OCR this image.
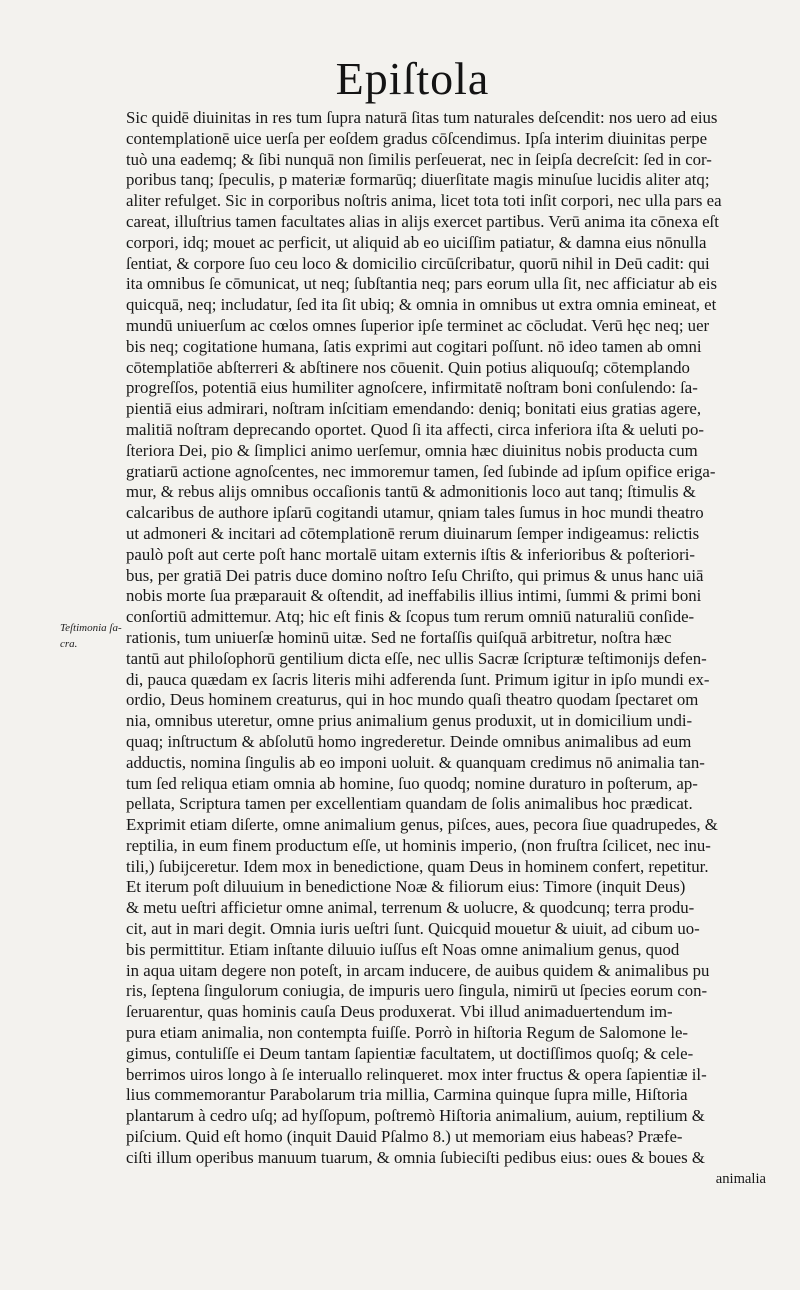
Epiſtola
Teſtimonia ſa-
cra.
Sic quidē diuinitas in res tum ſupra naturā ſitas tum naturales deſcendit: nos uero ad eius
contemplationē uice uerſa per eoſdem gradus cōſcendimus. Ipſa interim diuinitas perpe
tuò una eademq; & ſibi nunquā non ſimilis perſeuerat, nec in ſeipſa decreſcit: ſed in cor-
poribus tanq; ſpeculis, p materiæ formarūq; diuerſitate magis minuſue lucidis aliter atq;
aliter refulget. Sic in corporibus noſtris anima, licet tota toti inſit corpori, nec ulla pars ea
careat, illuſtrius tamen facultates alias in alijs exercet partibus. Verū anima ita cōnexa eſt
corpori, idq; mouet ac perficit, ut aliquid ab eo uiciſſim patiatur, & damna eius nōnulla
ſentiat, & corpore ſuo ceu loco & domicilio circūſcribatur, quorū nihil in Deū cadit: qui
ita omnibus ſe cōmunicat, ut neq; ſubſtantia neq; pars eorum ulla ſit, nec afficiatur ab eis
quicquā, neq; includatur, ſed ita ſit ubiq; & omnia in omnibus ut extra omnia emineat, et
mundū uniuerſum ac cœlos omnes ſuperior ipſe terminet ac cōcludat. Verū hęc neq; uer
bis neq; cogitatione humana, ſatis exprimi aut cogitari poſſunt. nō ideo tamen ab omni
cōtemplatiōe abſterreri & abſtinere nos cōuenit. Quin potius aliquouſq; cōtemplando
progreſſos, potentiā eius humiliter agnoſcere, infirmitatē noſtram boni conſulendo: ſa-
pientiā eius admirari, noſtram inſcitiam emendando: deniq; bonitati eius gratias agere,
malitiā noſtram deprecando oportet. Quod ſi ita affecti, circa inferiora iſta & ueluti po-
ſteriora Dei, pio & ſimplici animo uerſemur, omnia hæc diuinitus nobis producta cum
gratiarū actione agnoſcentes, nec immoremur tamen, ſed ſubinde ad ipſum opifice eriga-
mur, & rebus alijs omnibus occaſionis tantū & admonitionis loco aut tanq; ſtimulis &
calcaribus de authore ipſarū cogitandi utamur, qniam tales ſumus in hoc mundi theatro
ut admoneri & incitari ad cōtemplationē rerum diuinarum ſemper indigeamus: relictis
paulò poſt aut certe poſt hanc mortalē uitam externis iſtis & inferioribus & poſteriori-
bus, per gratiā Dei patris duce domino noſtro Ieſu Chriſto, qui primus & unus hanc uiā
nobis morte ſua præparauit & oſtendit, ad ineffabilis illius intimi, ſummi & primi boni
conſortiū admittemur. Atq; hic eſt finis & ſcopus tum rerum omniū naturaliū conſide-
rationis, tum uniuerſæ hominū uitæ. Sed ne fortaſſis quiſquā arbitretur, noſtra hæc
tantū aut philoſophorū gentilium dicta eſſe, nec ullis Sacræ ſcripturæ teſtimonijs defen-
di, pauca quædam ex ſacris literis mihi adferenda ſunt. Primum igitur in ipſo mundi ex-
ordio, Deus hominem creaturus, qui in hoc mundo quaſi theatro quodam ſpectaret om
nia, omnibus uteretur, omne prius animalium genus produxit, ut in domicilium undi-
quaq; inſtructum & abſolutū homo ingrederetur. Deinde omnibus animalibus ad eum
adductis, nomina ſingulis ab eo imponi uoluit. & quanquam credimus nō animalia tan-
tum ſed reliqua etiam omnia ab homine, ſuo quodq; nomine duraturo in poſterum, ap-
pellata, Scriptura tamen per excellentiam quandam de ſolis animalibus hoc prædicat.
Exprimit etiam diſerte, omne animalium genus, piſces, aues, pecora ſiue quadrupedes, &
reptilia, in eum finem productum eſſe, ut hominis imperio, (non fruſtra ſcilicet, nec inu-
tili,) ſubijceretur. Idem mox in benedictione, quam Deus in hominem confert, repetitur.
Et iterum poſt diluuium in benedictione Noæ & filiorum eius: Timore (inquit Deus)
& metu ueſtri afficietur omne animal, terrenum & uolucre, & quodcunq; terra produ-
cit, aut in mari degit. Omnia iuris ueſtri ſunt. Quicquid mouetur & uiuit, ad cibum uo-
bis permittitur. Etiam inſtante diluuio iuſſus eſt Noas omne animalium genus, quod
in aqua uitam degere non poteſt, in arcam inducere, de auibus quidem & animalibus pu
ris, ſeptena ſingulorum coniugia, de impuris uero ſingula, nimirū ut ſpecies eorum con-
ſeruarentur, quas hominis cauſa Deus produxerat. Vbi illud animaduertendum im-
pura etiam animalia, non contempta fuiſſe. Porrò in hiſtoria Regum de Salomone le-
gimus, contuliſſe ei Deum tantam ſapientiæ facultatem, ut doctiſſimos quoſq; & cele-
berrimos uiros longo à ſe interuallo relinqueret. mox inter fructus & opera ſapientiæ il-
lius commemorantur Parabolarum tria millia, Carmina quinque ſupra mille, Hiſtoria
plantarum à cedro uſq; ad hyſſopum, poſtremò Hiſtoria animalium, auium, reptilium &
piſcium. Quid eſt homo (inquit Dauid Pſalmo 8.) ut memoriam eius habeas? Præfe-
ciſti illum operibus manuum tuarum, & omnia ſubieciſti pedibus eius: oues & boues &
animalia
